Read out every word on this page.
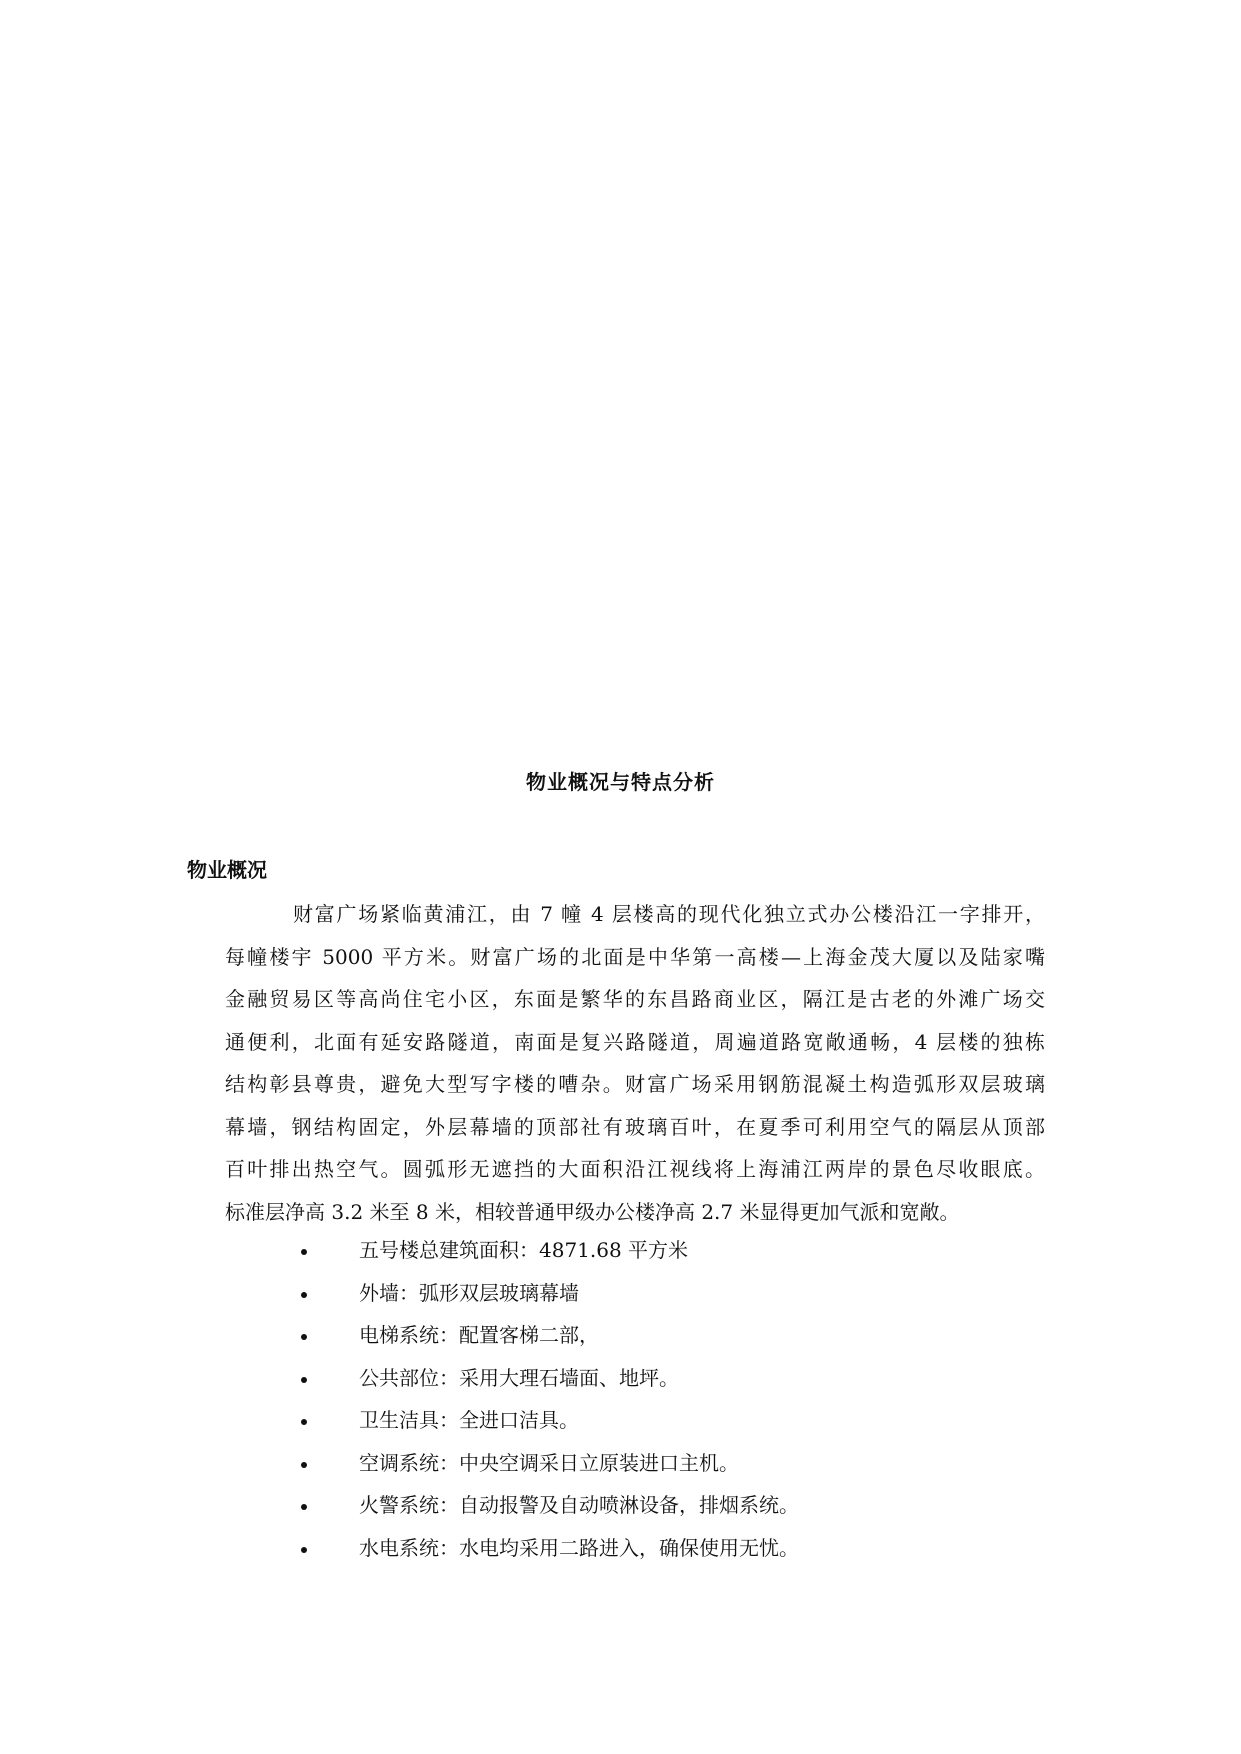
物业概况与特点分析
物业概况
财富广场紧临黄浦江，由 7 幢 4 层楼高的现代化独立式办公楼沿江一字排开，
每幢楼宇 5000 平方米。财富广场的北面是中华第一高楼—上海金茂大厦以及陆家嘴
金融贸易区等高尚住宅小区，东面是繁华的东昌路商业区，隔江是古老的外滩广场交
通便利，北面有延安路隧道，南面是复兴路隧道，周遍道路宽敞通畅，4 层楼的独栋
结构彰县尊贵，避免大型写字楼的嘈杂。财富广场采用钢筋混凝土构造弧形双层玻璃
幕墙，钢结构固定，外层幕墙的顶部社有玻璃百叶，在夏季可利用空气的隔层从顶部
百叶排出热空气。圆弧形无遮挡的大面积沿江视线将上海浦江两岸的景色尽收眼底。
标准层净高 3.2 米至 8 米，相较普通甲级办公楼净高 2.7 米显得更加气派和宽敞。
五号楼总建筑面积：4871.68 平方米
外墙：弧形双层玻璃幕墙
电梯系统：配置客梯二部，
公共部位：采用大理石墙面、地坪。
卫生洁具：全进口洁具。
空调系统：中央空调采日立原装进口主机。
火警系统：自动报警及自动喷淋设备，排烟系统。
水电系统：水电均采用二路进入，确保使用无忧。
